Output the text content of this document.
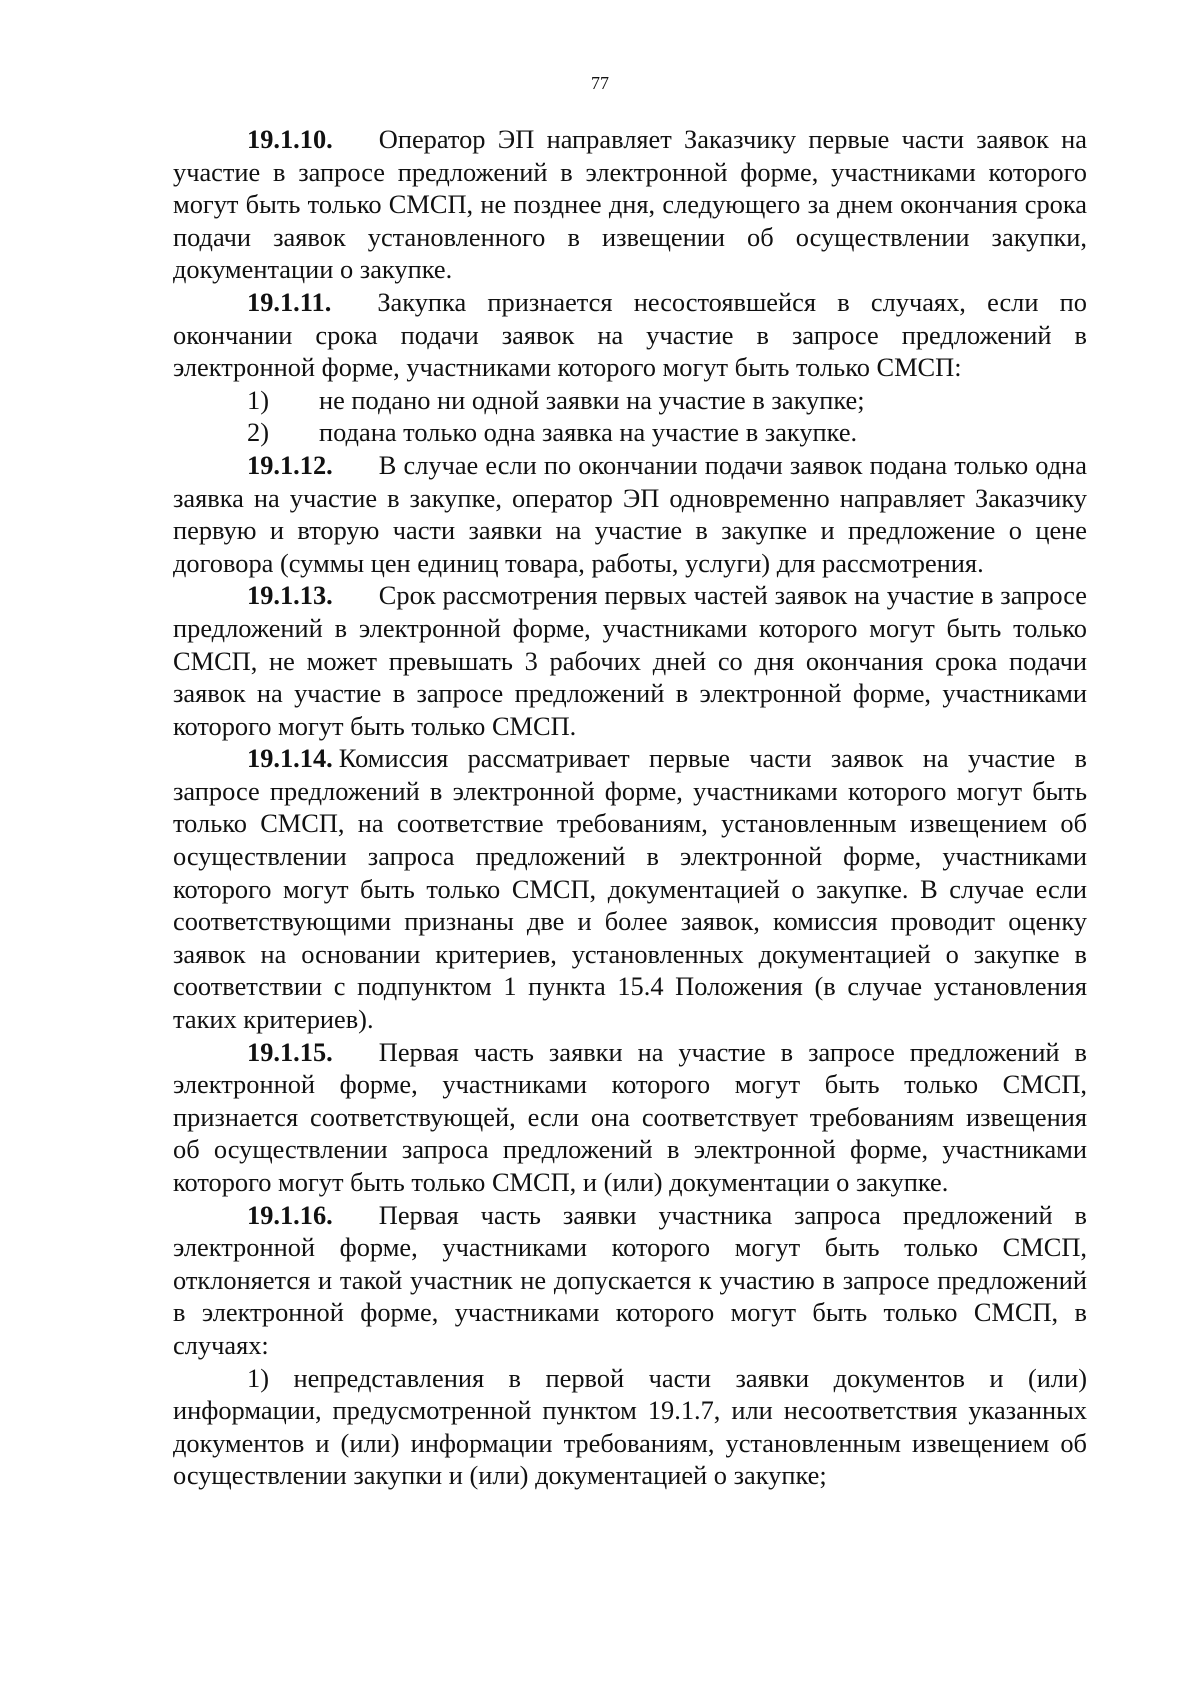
77

19.1.10. Оператор ЭП направляет Заказчику первые части заявок на участие в запросе предложений в электронной форме, участниками которого могут быть только СМСП, не позднее дня, следующего за днем окончания срока подачи заявок установленного в извещении об осуществлении закупки, документации о закупке.

19.1.11. Закупка признается несостоявшейся в случаях, если по окончании срока подачи заявок на участие в запросе предложений в электронной форме, участниками которого могут быть только СМСП:

1) не подано ни одной заявки на участие в закупке;

2) подана только одна заявка на участие в закупке.

19.1.12. В случае если по окончании подачи заявок подана только одна заявка на участие в закупке, оператор ЭП одновременно направляет Заказчику первую и вторую части заявки на участие в закупке и предложение о цене договора (суммы цен единиц товара, работы, услуги) для рассмотрения.

19.1.13. Срок рассмотрения первых частей заявок на участие в запросе предложений в электронной форме, участниками которого могут быть только СМСП, не может превышать 3 рабочих дней со дня окончания срока подачи заявок на участие в запросе предложений в электронной форме, участниками которого могут быть только СМСП.

19.1.14. Комиссия рассматривает первые части заявок на участие в запросе предложений в электронной форме, участниками которого могут быть только СМСП, на соответствие требованиям, установленным извещением об осуществлении запроса предложений в электронной форме, участниками которого могут быть только СМСП, документацией о закупке. В случае если соответствующими признаны две и более заявок, комиссия проводит оценку заявок на основании критериев, установленных документацией о закупке в соответствии с подпунктом 1 пункта 15.4 Положения (в случае установления таких критериев).

19.1.15. Первая часть заявки на участие в запросе предложений в электронной форме, участниками которого могут быть только СМСП, признается соответствующей, если она соответствует требованиям извещения об осуществлении запроса предложений в электронной форме, участниками которого могут быть только СМСП, и (или) документации о закупке.

19.1.16. Первая часть заявки участника запроса предложений в электронной форме, участниками которого могут быть только СМСП, отклоняется и такой участник не допускается к участию в запросе предложений в электронной форме, участниками которого могут быть только СМСП, в случаях:

1) непредставления в первой части заявки документов и (или) информации, предусмотренной пунктом 19.1.7, или несоответствия указанных документов и (или) информации требованиям, установленным извещением об осуществлении закупки и (или) документацией о закупке;
